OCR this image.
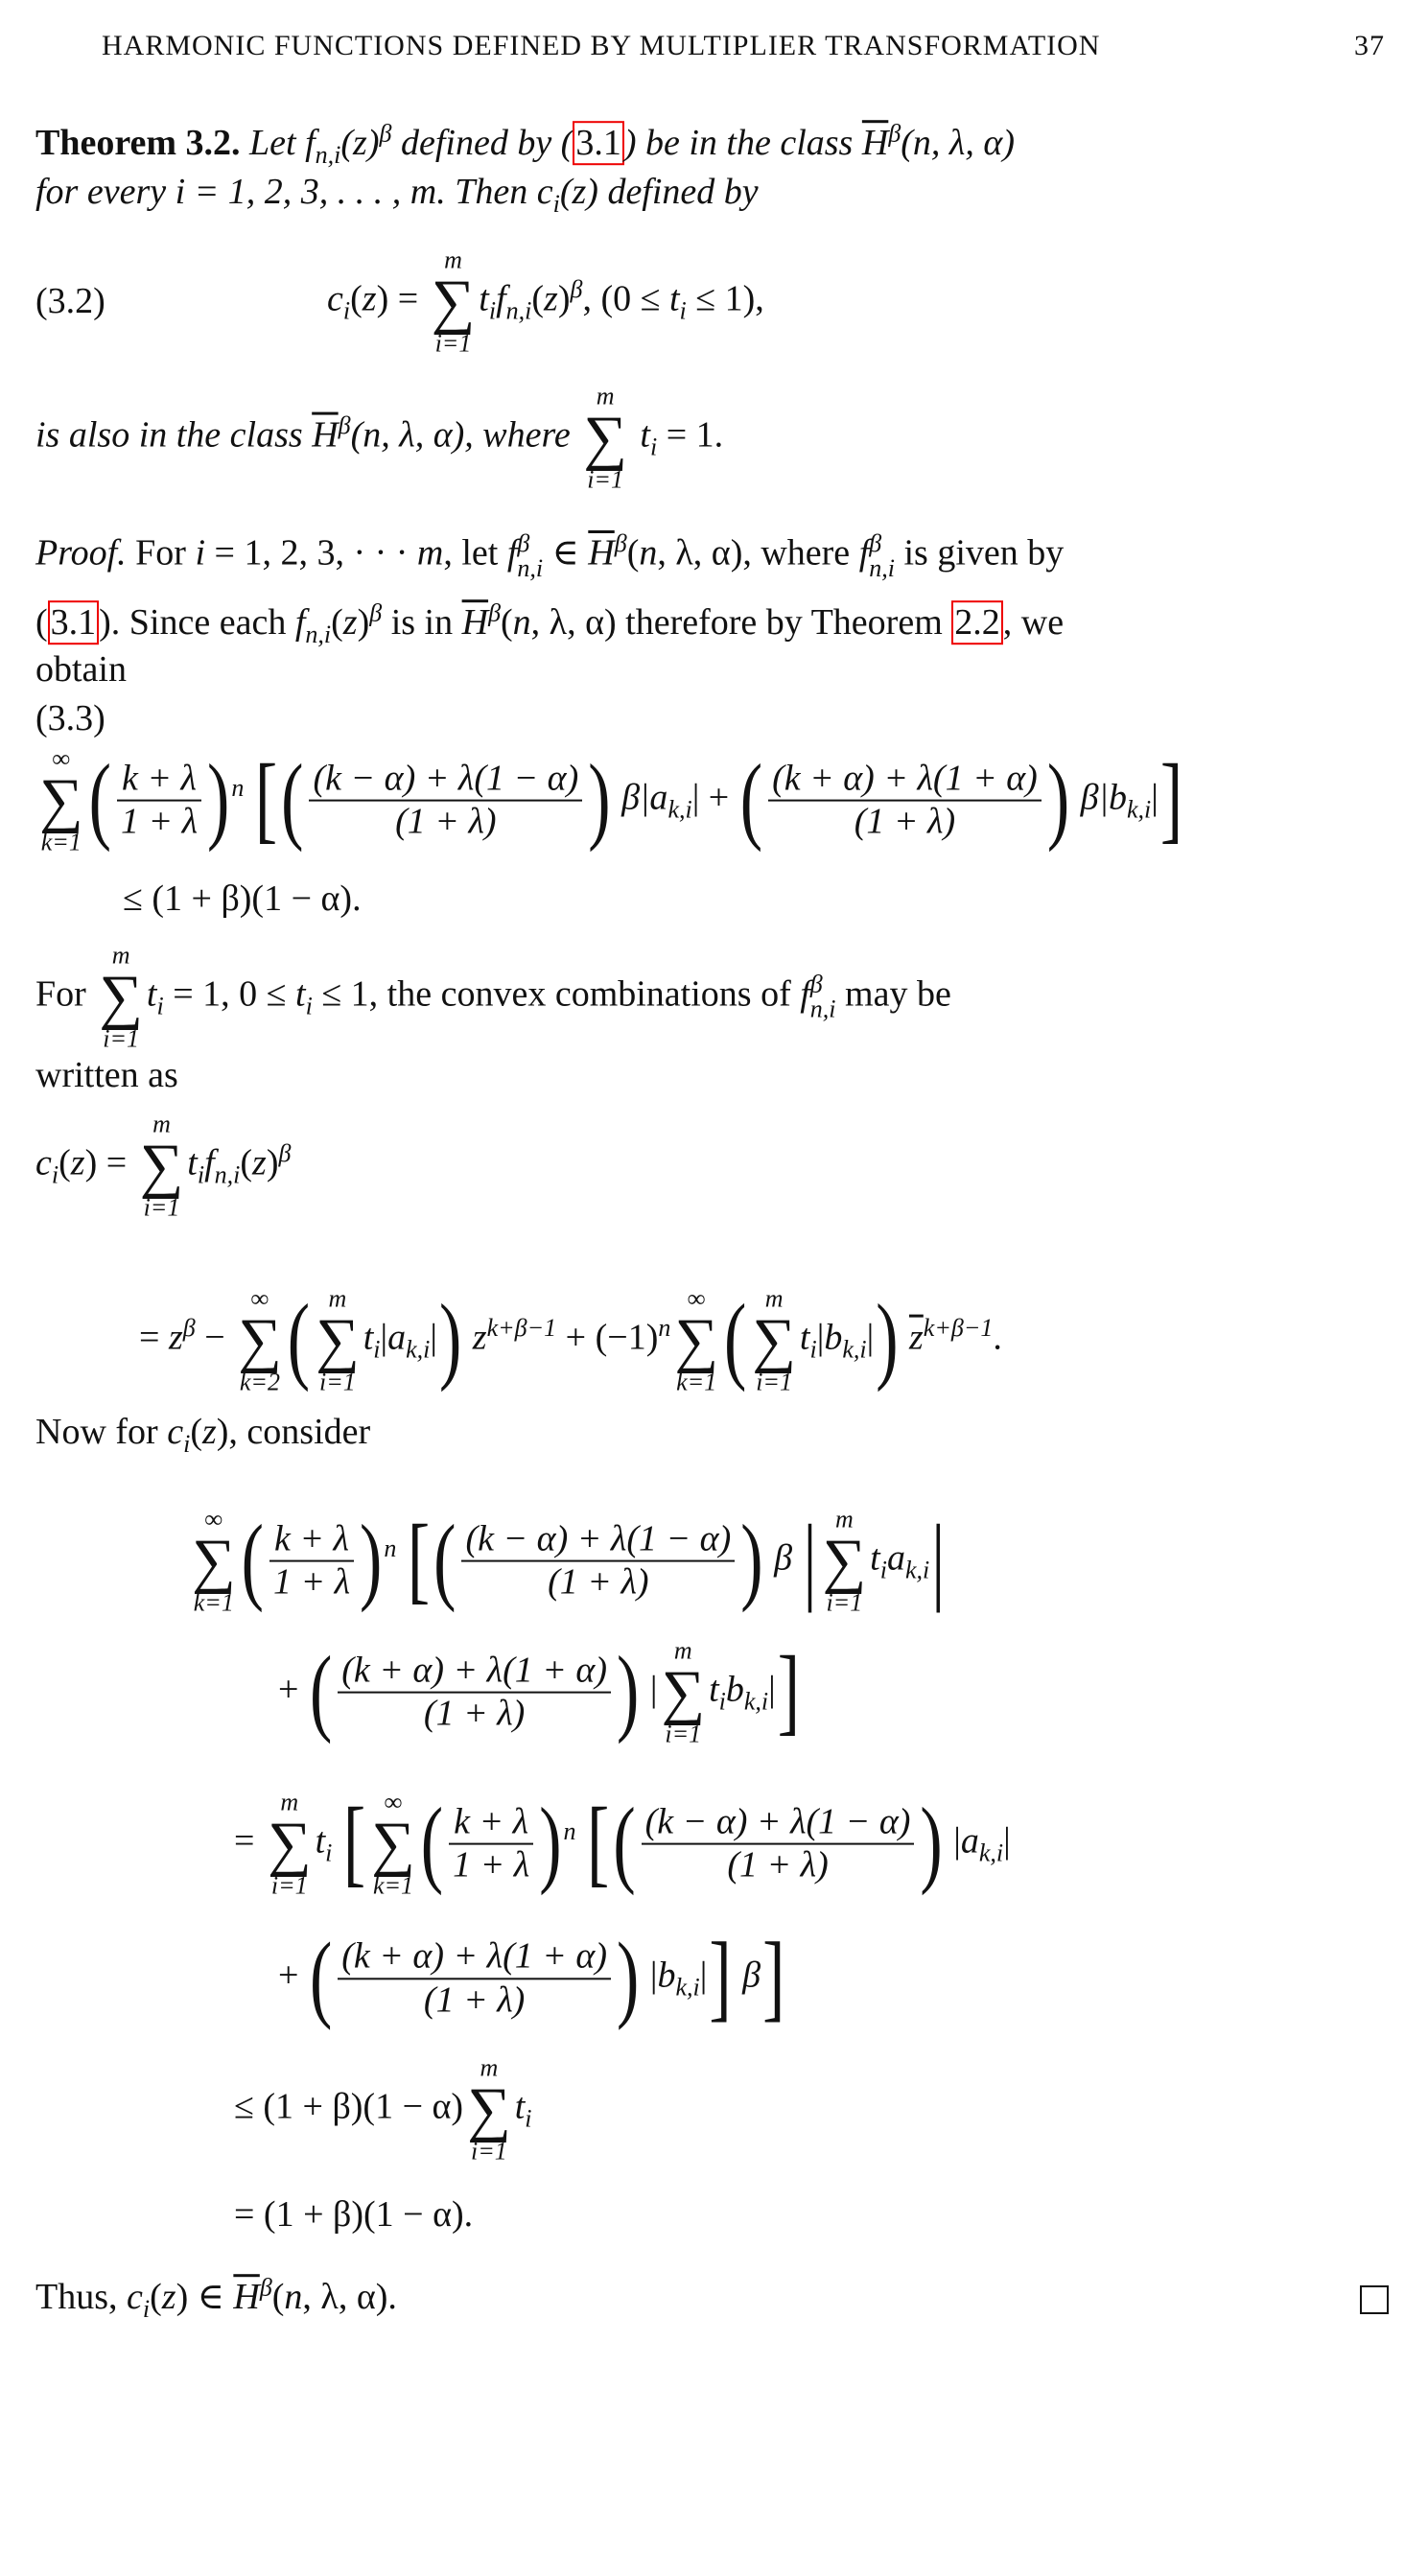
HARMONIC FUNCTIONS DEFINED BY MULTIPLIER TRANSFORMATION	37
Theorem 3.2. Let $f_{n,i}(z)^\beta$ defined by (3.1) be in the class $\overline{H}^\beta(n$, λ, α)
for every i = 1, 2, 3, . . . , m. Then $c_i(z)$ defined by
(3.2)	$c_i(z)$ =
m
∑
i=1
$t_if_{n,i}(z)^\beta$, $(0 \le t_i \le 1)$,
is also in the class $\overline{H}^\beta(n$, λ, α), where
m
∑
i=1
$t_i = 1$.
Proof. For i = 1, 2, 3, · · · m, let f β
n,i ∈ $\overline{H}^\beta(n$, λ, α), where f β
n,i is given by
(3.1). Since each $f_{n,i}(z)^\beta$ is in $\overline{H}^\beta(n$, λ, α) therefore by Theorem 2.2, we
obtain
(3.3)
∞
∑
k=1 ( $\frac{k + \lambda}{1 + \lambda} )^n$ [( $\frac{(k - \alpha) + \lambda(1 - \alpha)}{(1 + \lambda)}$ ) $\beta|a_{k,i}|$ + ( $\frac{(k + \alpha) + \lambda(1 + \alpha)}{(1 + \lambda)}$ ) $\beta|b_{k,i}|$]
≤ (1 + β)(1 − α).
For
m
∑
i=1
$t_i = 1$, $0 \le t_i \le 1$, the convex combinations of f β
n,i may be
written as
$c_i(z)$ =
m
∑
i=1
$t_if_{n,i}(z)^\beta$
= $z^\beta$ −
∞
∑
k=2 ( m
∑
i=1
$t_i|a_{k,i}|$) $z^{k+\beta-1} + (-1)^n$
∞
∑
k=1 ( m
∑
i=1
$t_i|b_{k,i}|$) $\overline{z}^{k+\beta-1}$.
Now for $c_i(z)$, consider
∞
∑
k=1 ( $\frac{k + \lambda}{1 + \lambda} )^n$ [( $\frac{(k - \alpha) + \lambda(1 - \alpha)}{(1 + \lambda)}$ ) β | m
∑
i=1
$t_ia_{k,i}|$
+ ( $\frac{(k + \alpha) + \lambda(1 + \alpha)}{(1 + \lambda)}$ ) |
m
∑
i=1
$t_ib_{k,i}|$]
=
m
∑
i=1
$t_i$ [ ∞
∑
k=1 ( $\frac{k + \lambda}{1 + \lambda} )^n$ [( $\frac{(k - \alpha) + \lambda(1 - \alpha)}{(1 + \lambda)}$ ) $|a_{k,i}|$
+ ( $\frac{(k + \alpha) + \lambda(1 + \alpha)}{(1 + \lambda)}$ ) $|b_{k,i}|$] β]
≤ (1 + β)(1 − α)
m
∑
i=1
$t_i$
= (1 + β)(1 − α).
Thus, $c_i(z)$ ∈ $\overline{H}^\beta(n$, λ, α).
